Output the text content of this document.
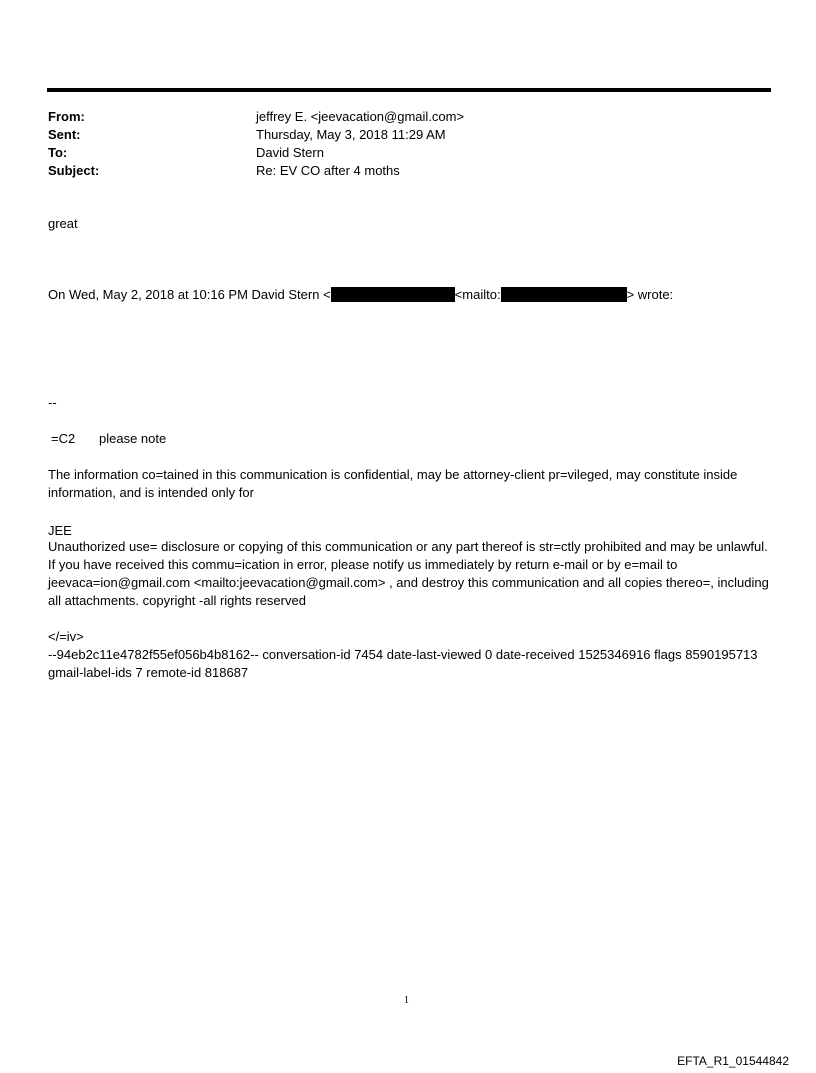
From:	jeffrey E. <jeevacation@gmail.com>
Sent:	Thursday, May 3, 2018 11:29 AM
To:	David Stern
Subject:	Re: EV CO after 4 moths
great
On Wed, May 2, 2018 at 10:16 PM David Stern <	<mailto:	> wrote:
--
=C2 please note
The information co=tained in this communication is confidential, may be attorney-client pr=vileged, may constitute inside information, and is intended only for
JEE
Unauthorized use= disclosure or copying of this communication or any part thereof is str=ctly prohibited and may be unlawful. If you have received this commu=ication in error, please notify us immediately by return e-mail or by e=mail to jeevaca=ion@gmail.com <mailto:jeevacation@gmail.com> , and destroy this communication and all copies thereo=, including all attachments. copyright -all rights reserved
</=iv>
--94eb2c11e4782f55ef056b4b8162-- conversation-id 7454 date-last-viewed 0 date-received 1525346916 flags 8590195713 gmail-label-ids 7 remote-id 818687
1
EFTA_R1_01544842
